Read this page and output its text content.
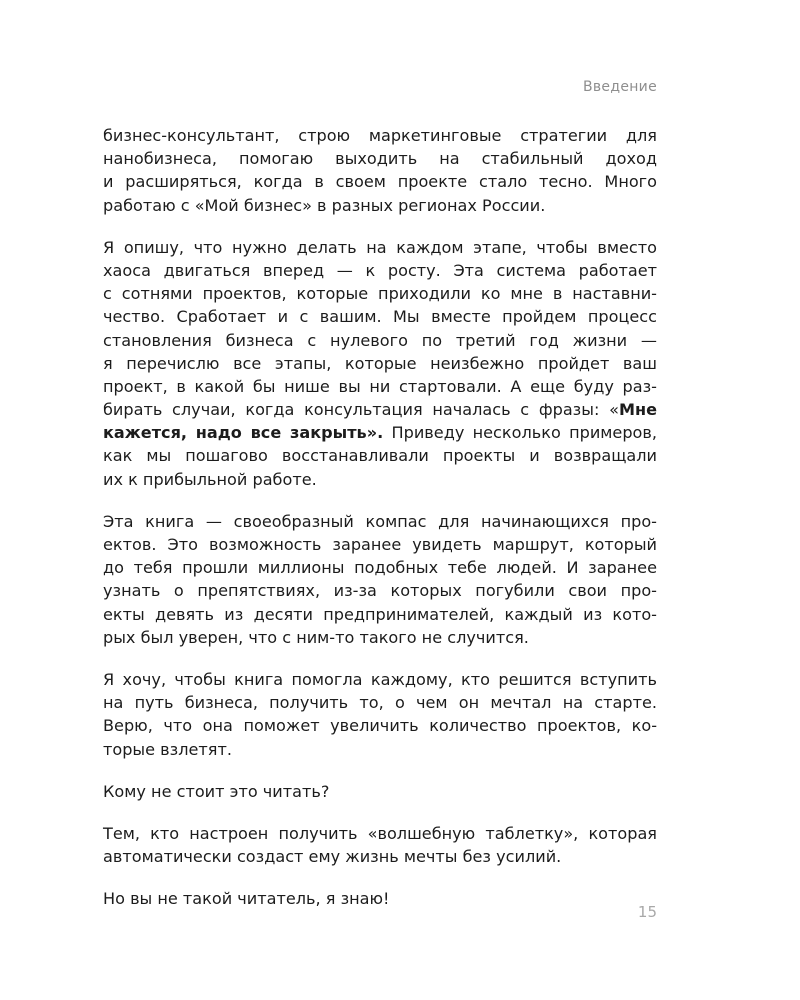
Введение

бизнес-консультант, строю маркетинговые стратегии для
нанобизнеса, помогаю выходить на стабильный доход
и расширяться, когда в своем проекте стало тесно. Много
работаю с «Мой бизнес» в разных регионах России.

Я опишу, что нужно делать на каждом этапе, чтобы вместо
хаоса двигаться вперед — к росту. Эта система работает
с сотнями проектов, которые приходили ко мне в наставни-
чество. Сработает и с вашим. Мы вместе пройдем процесс
становления бизнеса с нулевого по третий год жизни —
я перечислю все этапы, которые неизбежно пройдет ваш
проект, в какой бы нише вы ни стартовали. А еще буду раз-
бирать случаи, когда консультация началась с фразы: «Мне
кажется, надо все закрыть». Приведу несколько примеров,
как мы пошагово восстанавливали проекты и возвращали
их к прибыльной работе.

Эта книга — своеобразный компас для начинающихся про-
ектов. Это возможность заранее увидеть маршрут, который
до тебя прошли миллионы подобных тебе людей. И заранее
узнать о препятствиях, из-за которых погубили свои про-
екты девять из десяти предпринимателей, каждый из кото-
рых был уверен, что с ним-то такого не случится.

Я хочу, чтобы книга помогла каждому, кто решится вступить
на путь бизнеса, получить то, о чем он мечтал на старте.
Верю, что она поможет увеличить количество проектов, ко-
торые взлетят.

Кому не стоит это читать?

Тем, кто настроен получить «волшебную таблетку», которая
автоматически создаст ему жизнь мечты без усилий.

Но вы не такой читатель, я знаю!

15
